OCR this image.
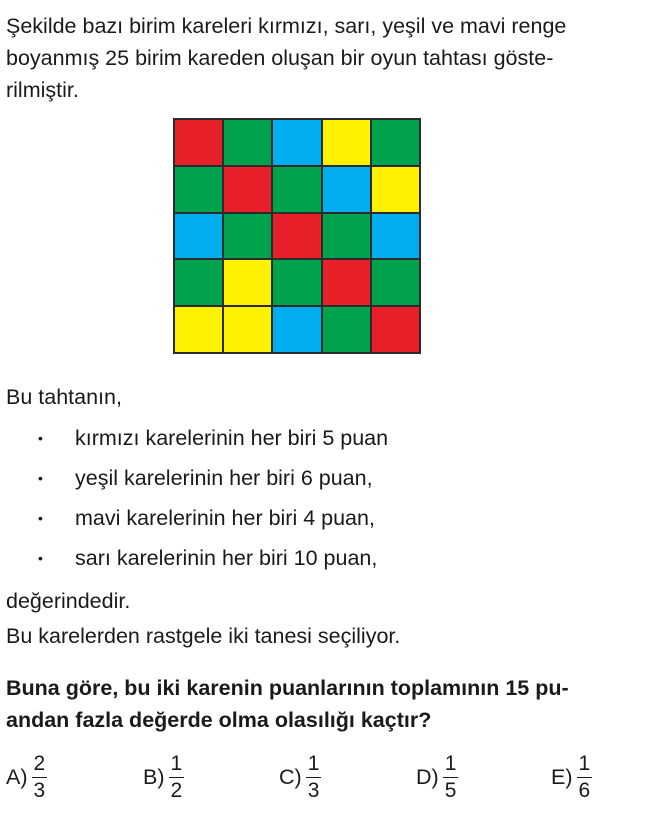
Şekilde bazı birim kareleri kırmızı, sarı, yeşil ve mavi renge
boyanmış 25 birim kareden oluşan bir oyun tahtası göste-
rilmiştir.

Bu tahtanın,

• kırmızı karelerinin her biri 5 puan

• yeşil karelerinin her biri 6 puan,

• mavi karelerinin her biri 4 puan,

• sarı karelerinin her biri 10 puan,

değerindedir.

Bu karelerden rastgele iki tanesi seçiliyor.

Buna göre, bu iki karenin puanlarının toplamının 15 pu-
andan fazla değerde olma olasılığı kaçtır?

$A) \frac{2}{3}$	$B) \frac{1}{2}$	$C) \frac{1}{3}$	$D) \frac{1}{5}$	$E) \frac{1}{6}$
